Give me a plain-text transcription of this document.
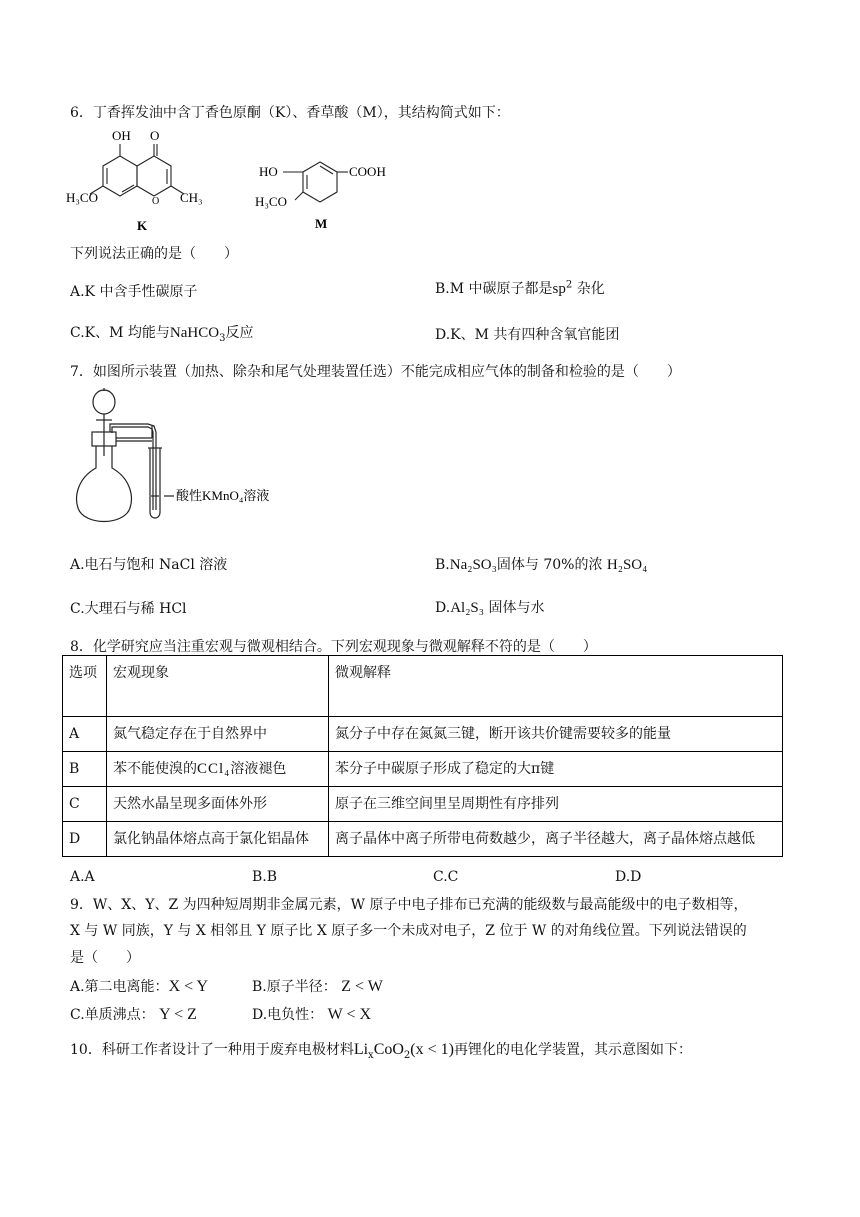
6．丁香挥发油中含丁香色原酮（K）、香草酸（M），其结构简式如下：
OH O
O
H₃CO	CH₃
K
HO	COOH
H₃CO
M
下列说法正确的是（　　）
A.K 中含手性碳原子	B.M 中碳原子都是$sp^2$ 杂化
C.K、M 均能与NaHCO$_3$反应	D.K、M 共有四种含氧官能团
7．如图所示装置（加热、除杂和尾气处理装置任选）不能完成相应气体的制备和检验的是（　　）
酸性KMnO₄溶液
A.电石与饱和 NaCl 溶液	B.Na₂SO₃固体与 70%的浓 H₂SO₄
C.大理石与稀 HCl	D.Al₂S₃ 固体与水
8．化学研究应当注重宏观与微观相结合。下列宏观现象与微观解释不符的是（　　）
选项	宏观现象	微观解释
A	氮气稳定存在于自然界中	氮分子中存在氮氮三键，断开该共价键需要较多的能量
B	苯不能使溴的CCl₄溶液褪色	苯分子中碳原子形成了稳定的大π键
C	天然水晶呈现多面体外形	原子在三维空间里呈周期性有序排列
D	氯化钠晶体熔点高于氯化铝晶体	离子晶体中离子所带电荷数越少，离子半径越大，离子晶体熔点越低
A.A	B.B	C.C	D.D
9．W、X、Y、Z 为四种短周期非金属元素，W 原子中电子排布已充满的能级数与最高能级中的电子数相等，
X 与 W 同族，Y 与 X 相邻且 Y 原子比 X 原子多一个未成对电子，Z 位于 W 的对角线位置。下列说法错误的
是（　　）
A.第二电离能：X < Y	B.原子半径： Z < W
C.单质沸点： Y < Z	D.电负性： W < X
10．科研工作者设计了一种用于废弃电极材料$Li_xCoO_2(x < 1)$再锂化的电化学装置，其示意图如下：
